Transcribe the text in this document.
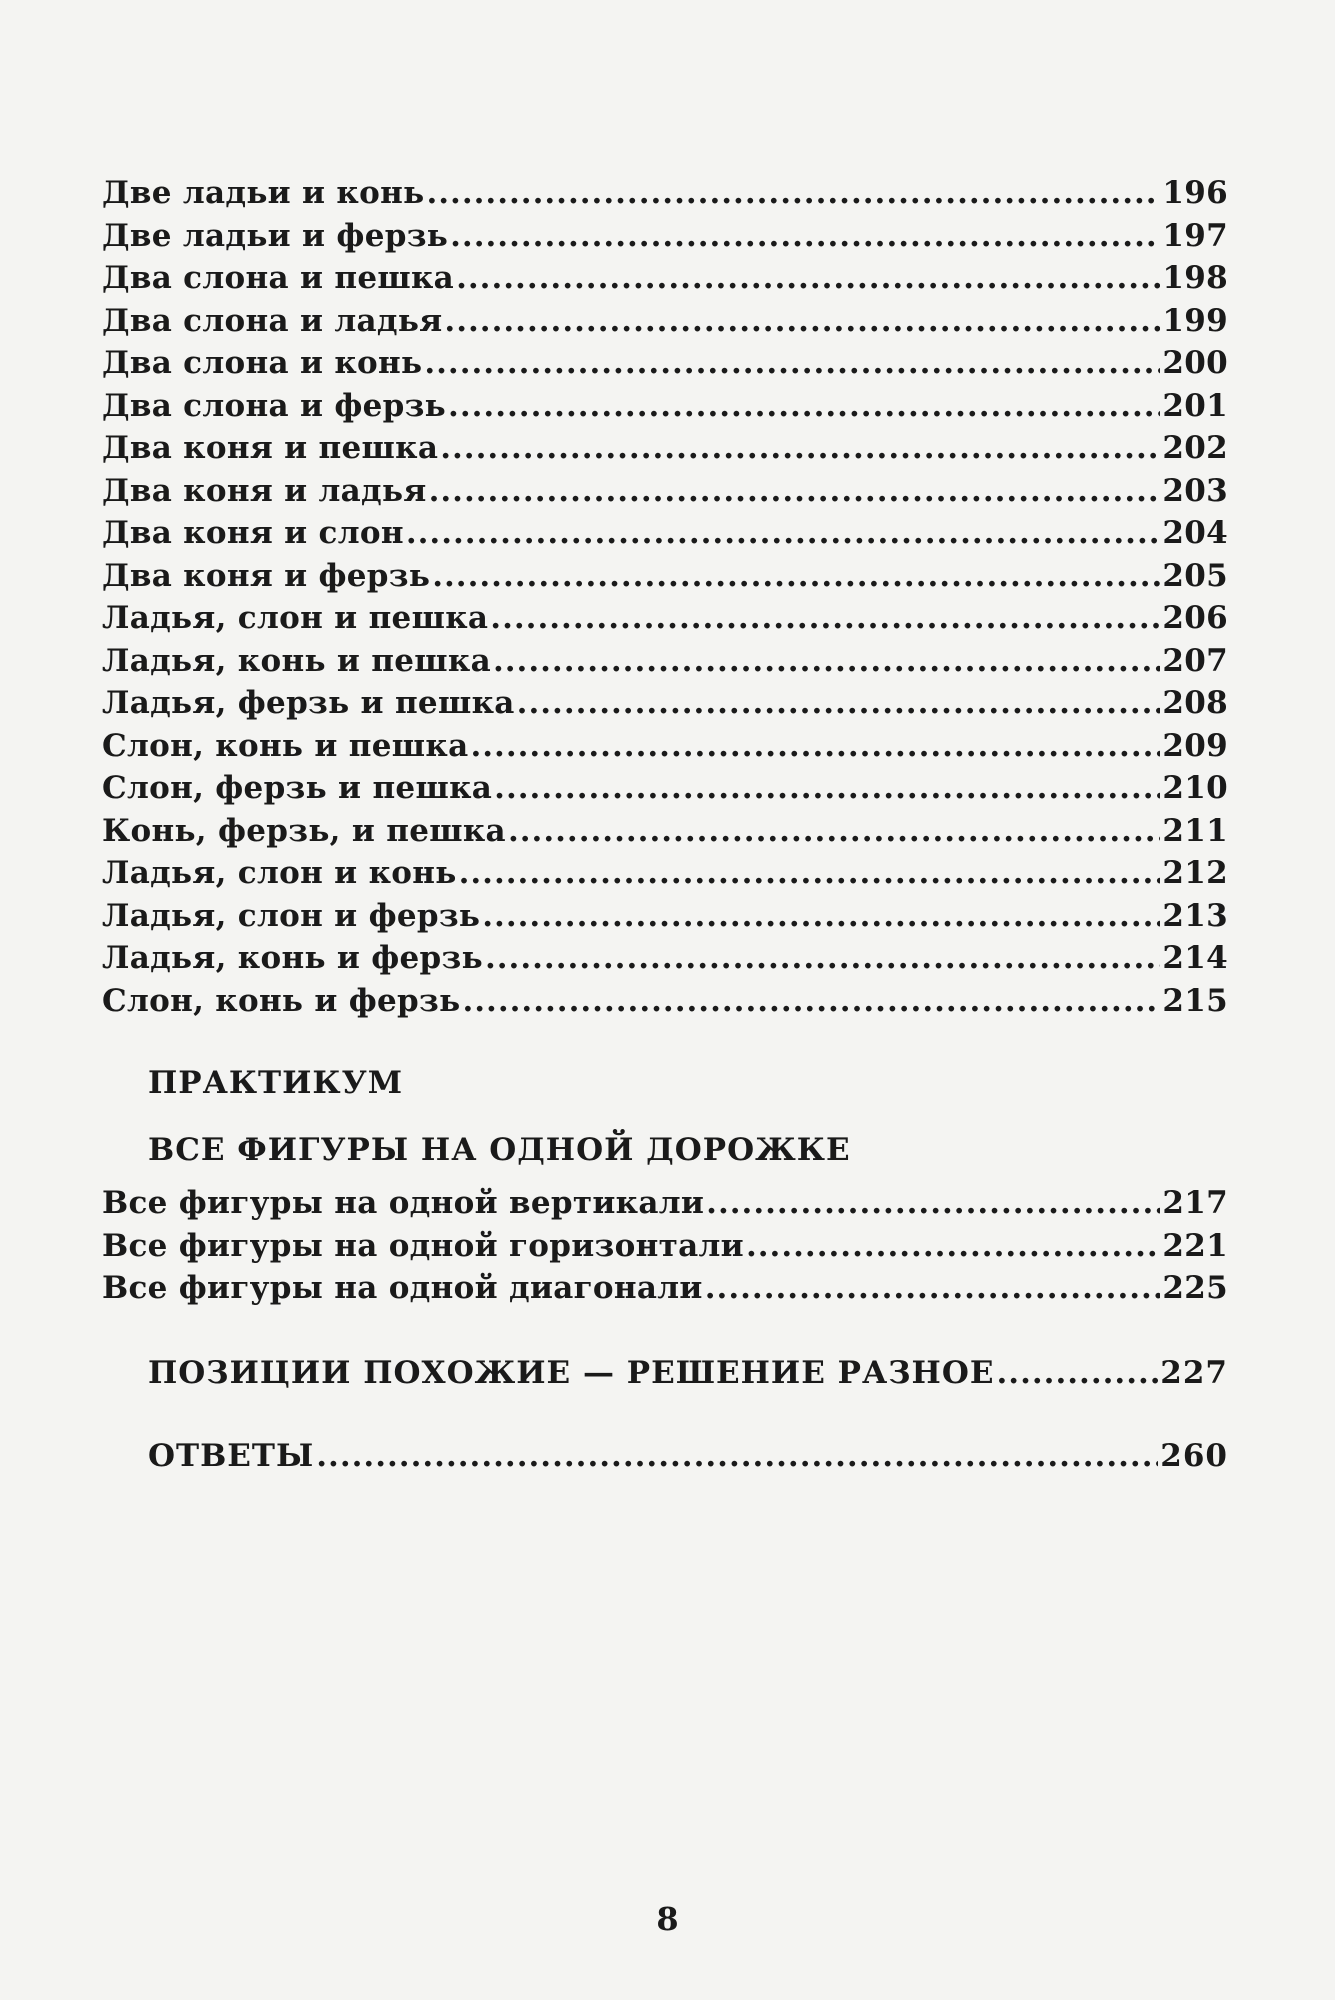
Две ладьи и конь .....	196
Две ладьи и ферзь .....	197
Два слона и пешка .....	198
Два слона и ладья .....	199
Два слона и конь .....	200
Два слона и ферзь .....	201
Два коня и пешка .....	202
Два коня и ладья .....	203
Два коня и слон .....	204
Два коня и ферзь .....	205
Ладья, слон и пешка .....	206
Ладья, конь и пешка .....	207
Ладья, ферзь и пешка .....	208
Слон, конь и пешка .....	209
Слон, ферзь и пешка .....	210
Конь, ферзь, и пешка .....	211
Ладья, слон и конь .....	212
Ладья, слон и ферзь .....	213
Ладья, конь и ферзь .....	214
Слон, конь и ферзь .....	215
ПРАКТИКУМ
ВСЕ ФИГУРЫ НА ОДНОЙ ДОРОЖКЕ
Все фигуры на одной вертикали .....	217
Все фигуры на одной горизонтали .....	221
Все фигуры на одной диагонали .....	225
ПОЗИЦИИ ПОХОЖИЕ — РЕШЕНИЕ РАЗНОЕ .....	227
ОТВЕТЫ .....	260
8
